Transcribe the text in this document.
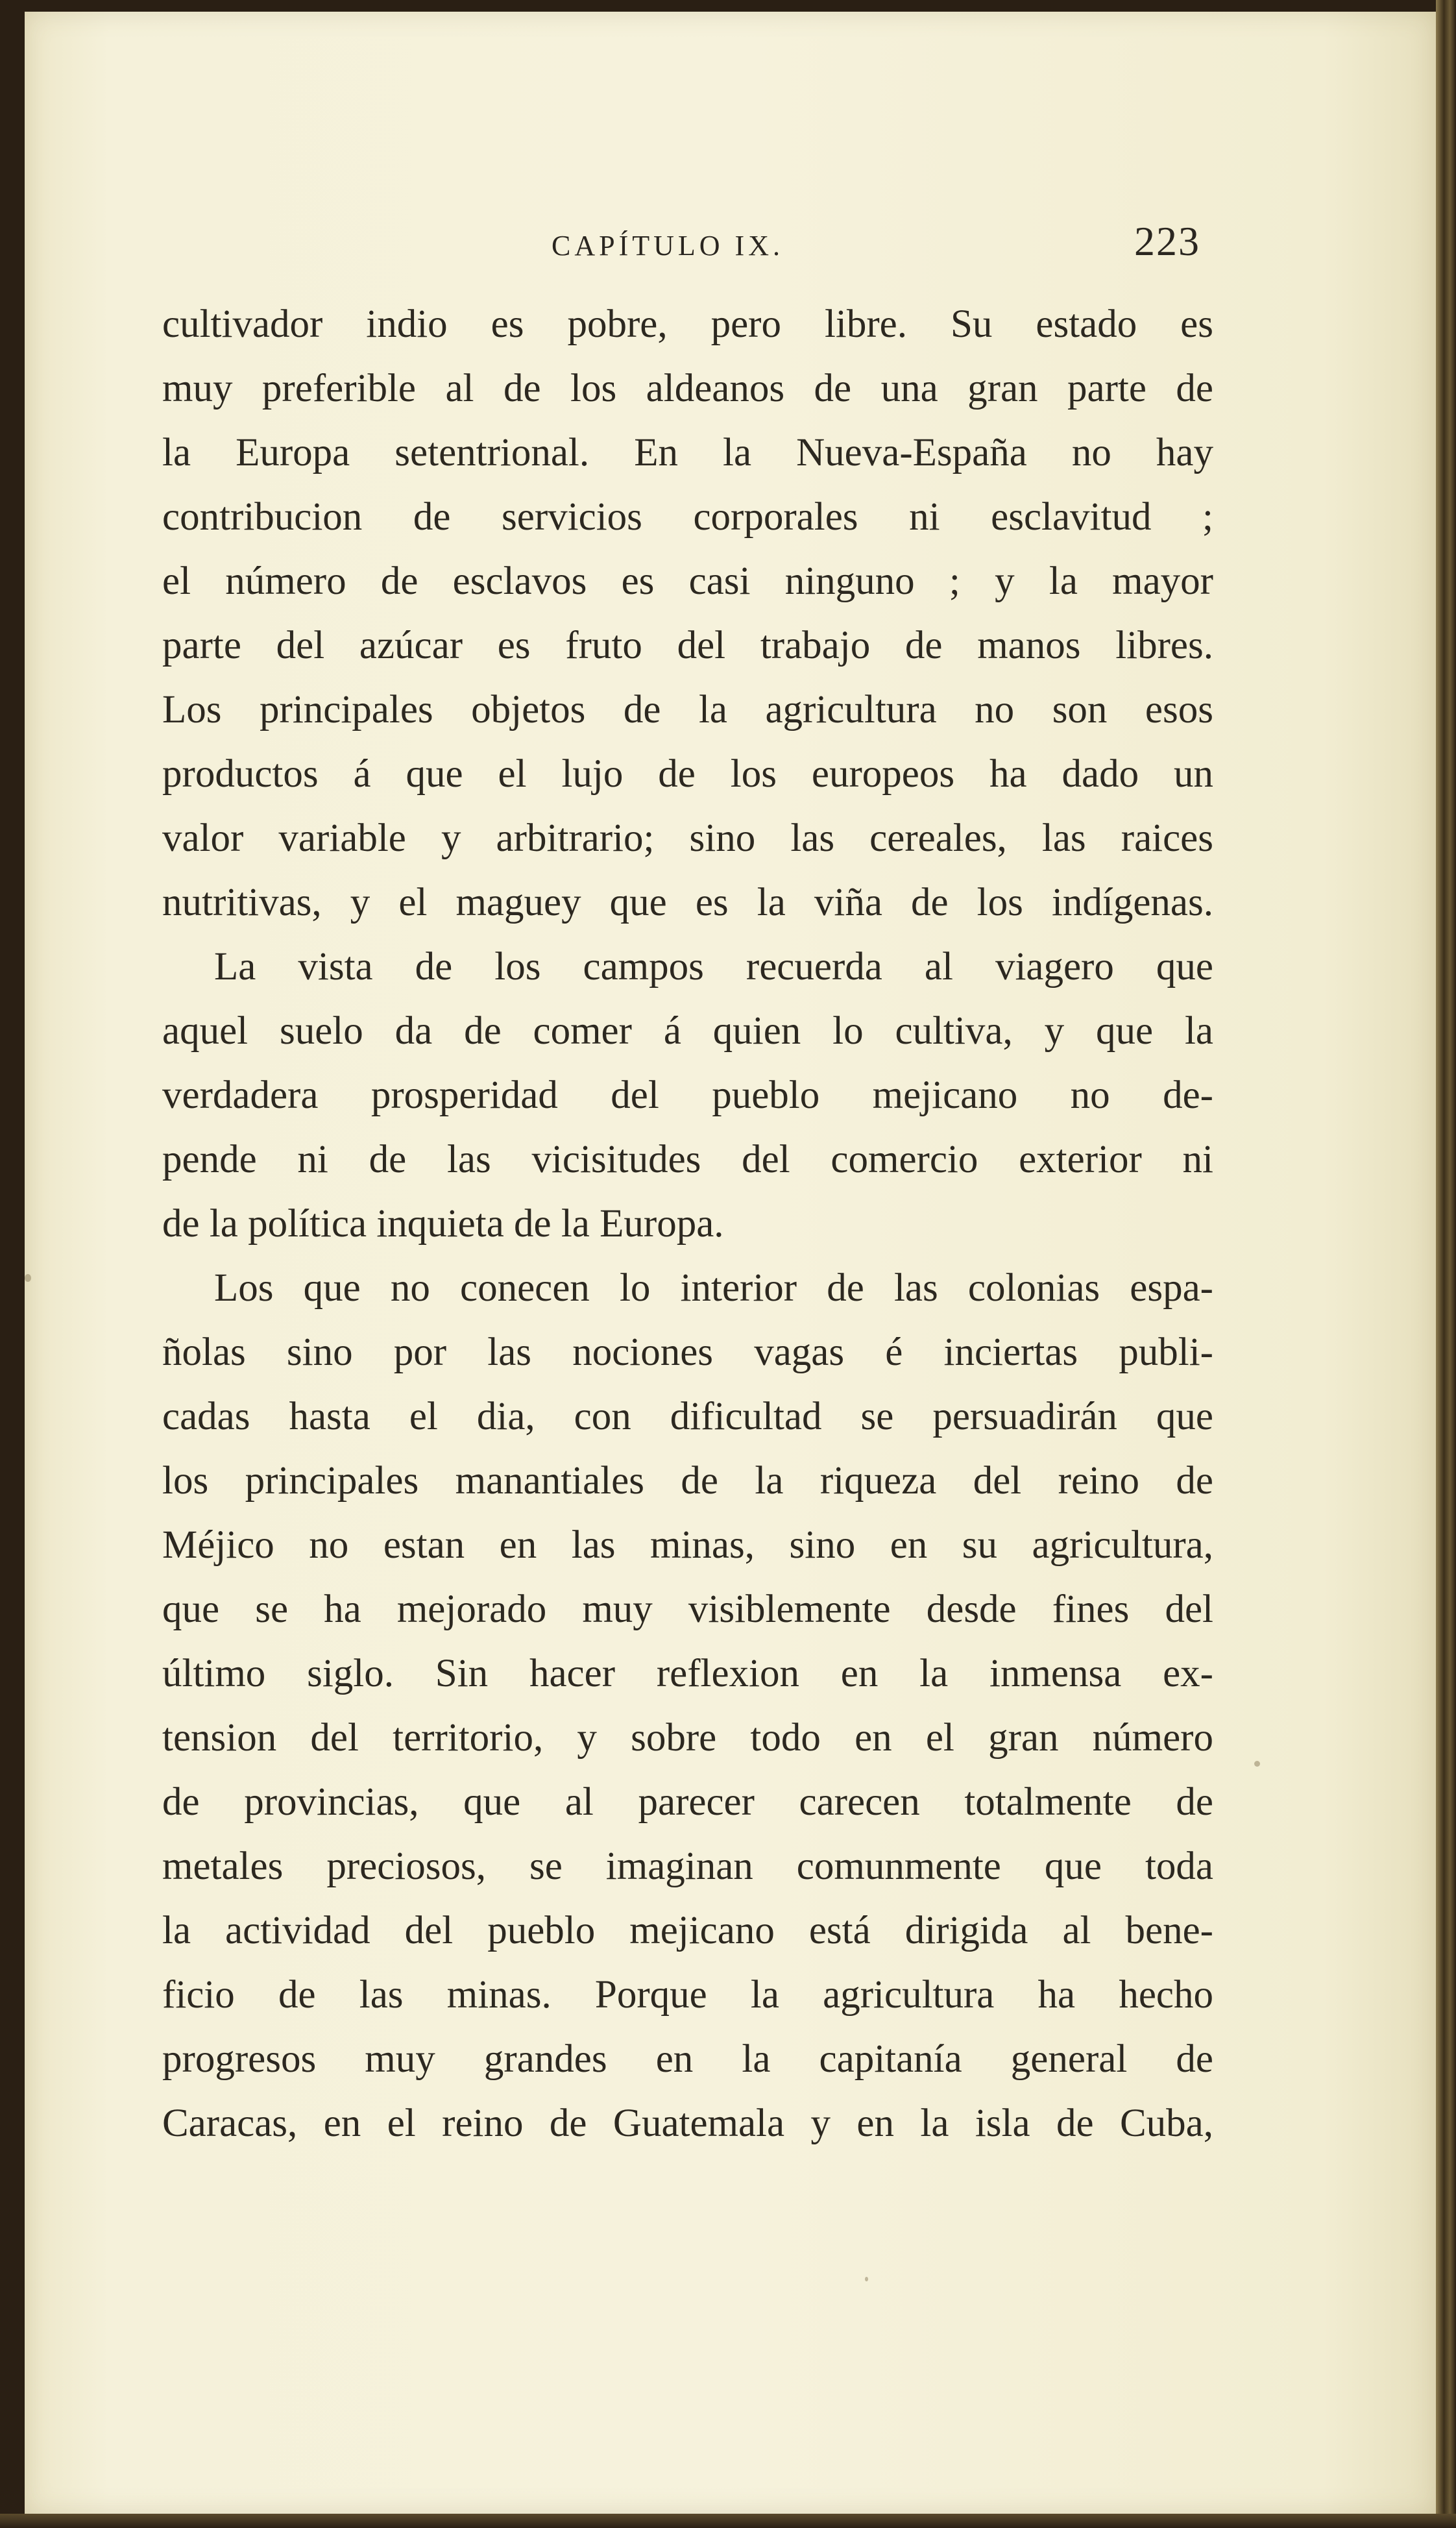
CAPÍTULO IX.	223
cultivador indio es pobre, pero libre. Su estado es
muy preferible al de los aldeanos de una gran parte de
la Europa setentrional. En la Nueva-España no hay
contribucion de servicios corporales ni esclavitud ;
el número de esclavos es casi ninguno ; y la mayor
parte del azúcar es fruto del trabajo de manos libres.
Los principales objetos de la agricultura no son esos
productos á que el lujo de los europeos ha dado un
valor variable y arbitrario; sino las cereales, las raices
nutritivas, y el maguey que es la viña de los indígenas.
La vista de los campos recuerda al viagero que
aquel suelo da de comer á quien lo cultiva, y que la
verdadera prosperidad del pueblo mejicano no de-
pende ni de las vicisitudes del comercio exterior ni
de la política inquieta de la Europa.
Los que no conecen lo interior de las colonias espa-
ñolas sino por las nociones vagas é inciertas publi-
cadas hasta el dia, con dificultad se persuadirán que
los principales manantiales de la riqueza del reino de
Méjico no estan en las minas, sino en su agricultura,
que se ha mejorado muy visiblemente desde fines del
último siglo. Sin hacer reflexion en la inmensa ex-
tension del territorio, y sobre todo en el gran número
de provincias, que al parecer carecen totalmente de
metales preciosos, se imaginan comunmente que toda
la actividad del pueblo mejicano está dirigida al bene-
ficio de las minas. Porque la agricultura ha hecho
progresos muy grandes en la capitanía general de
Caracas, en el reino de Guatemala y en la isla de Cuba,
